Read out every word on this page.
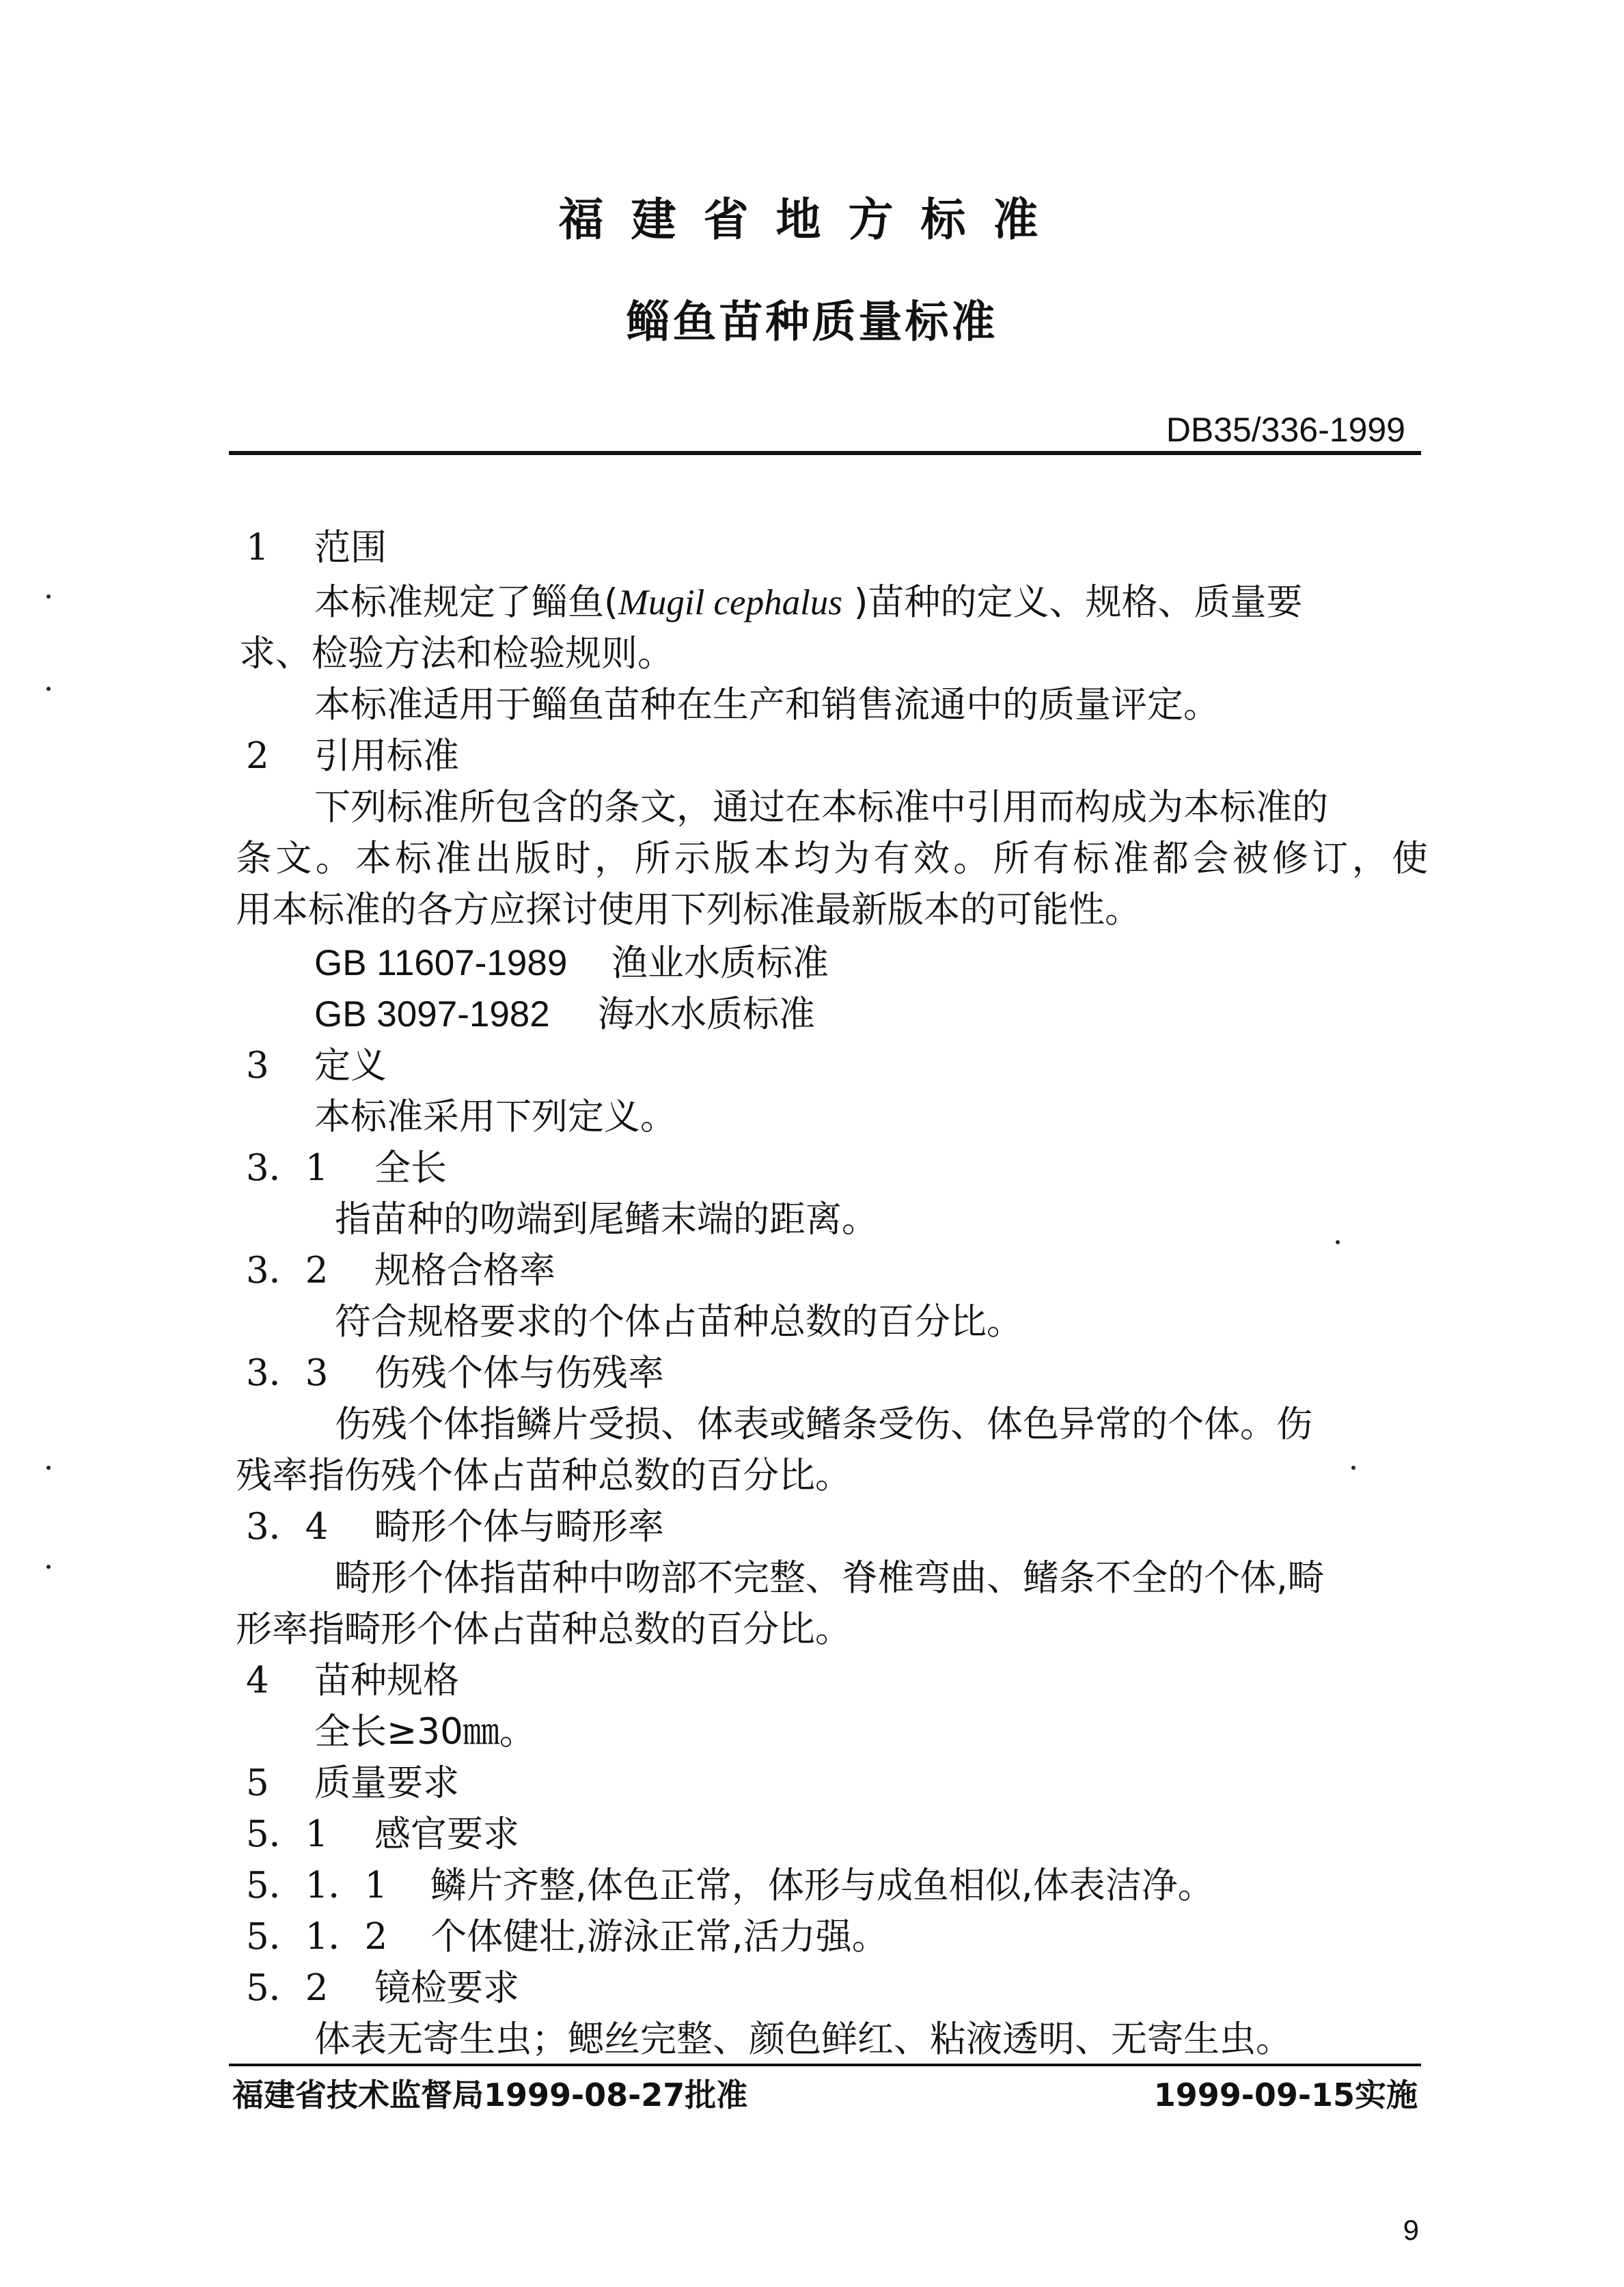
福建省地方标准
鲻鱼苗种质量标准
DB35/336-1999
1 范围
本标准规定了鲻鱼(Mugil cephalus )苗种的定义、规格、质量要
求、检验方法和检验规则。
本标准适用于鲻鱼苗种在生产和销售流通中的质量评定。
2 引用标准
下列标准所包含的条文，通过在本标准中引用而构成为本标准的
条文。本标准出版时，所示版本均为有效。所有标准都会被修订，使
用本标准的各方应探讨使用下列标准最新版本的可能性。
GB 11607-1989 渔业水质标准
GB 3097-1982 海水水质标准
3 定义
本标准采用下列定义。
3．1 全长
指苗种的吻端到尾鳍末端的距离。
3．2 规格合格率
符合规格要求的个体占苗种总数的百分比。
3．3 伤残个体与伤残率
伤残个体指鳞片受损、体表或鳍条受伤、体色异常的个体。伤
残率指伤残个体占苗种总数的百分比。
3．4 畸形个体与畸形率
畸形个体指苗种中吻部不完整、脊椎弯曲、鳍条不全的个体,畸
形率指畸形个体占苗种总数的百分比。
4 苗种规格
全长≥30㎜。
5 质量要求
5．1 感官要求
5．1．1 鳞片齐整,体色正常，体形与成鱼相似,体表洁净。
5．1．2 个体健壮,游泳正常,活力强。
5．2 镜检要求
体表无寄生虫；鳃丝完整、颜色鲜红、粘液透明、无寄生虫。
福建省技术监督局1999-08-27批准	1999-09-15实施
9
